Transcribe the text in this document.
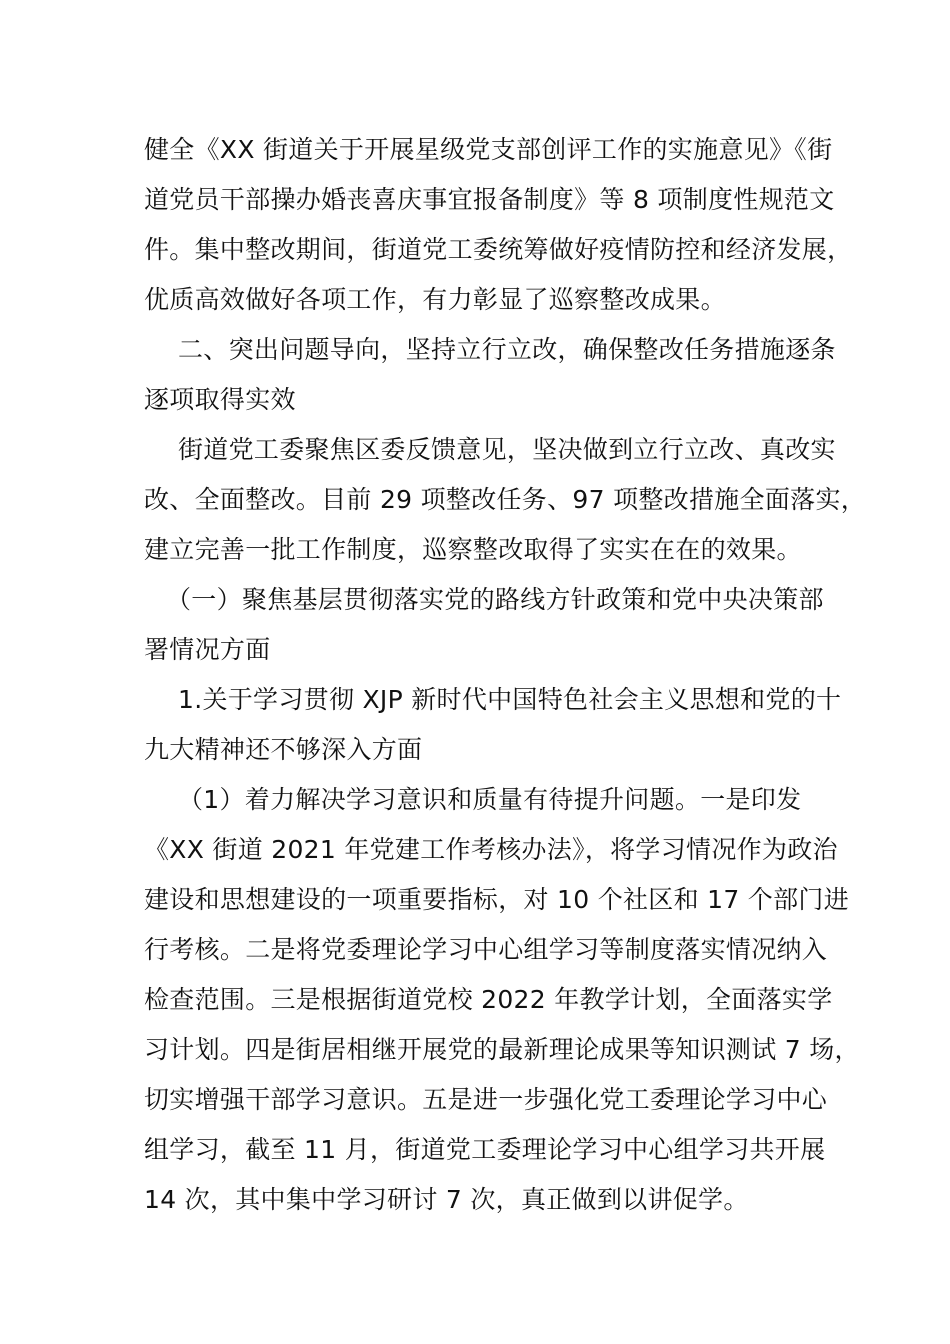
健全《XX 街道关于开展星级党支部创评工作的实施意见》《街
道党员干部操办婚丧喜庆事宜报备制度》等 8 项制度性规范文
件。集中整改期间，街道党工委统筹做好疫情防控和经济发展，
优质高效做好各项工作，有力彰显了巡察整改成果。
二、突出问题导向，坚持立行立改，确保整改任务措施逐条
逐项取得实效
街道党工委聚焦区委反馈意见，坚决做到立行立改、真改实
改、全面整改。目前 29 项整改任务、97 项整改措施全面落实，
建立完善一批工作制度，巡察整改取得了实实在在的效果。
（一）聚焦基层贯彻落实党的路线方针政策和党中央决策部
署情况方面
1.关于学习贯彻 XJP 新时代中国特色社会主义思想和党的十
九大精神还不够深入方面
（1）着力解决学习意识和质量有待提升问题。一是印发
《XX 街道 2021 年党建工作考核办法》，将学习情况作为政治
建设和思想建设的一项重要指标，对 10 个社区和 17 个部门进
行考核。二是将党委理论学习中心组学习等制度落实情况纳入
检查范围。三是根据街道党校 2022 年教学计划，全面落实学
习计划。四是街居相继开展党的最新理论成果等知识测试 7 场，
切实增强干部学习意识。五是进一步强化党工委理论学习中心
组学习，截至 11 月，街道党工委理论学习中心组学习共开展
14 次，其中集中学习研讨 7 次，真正做到以讲促学。
